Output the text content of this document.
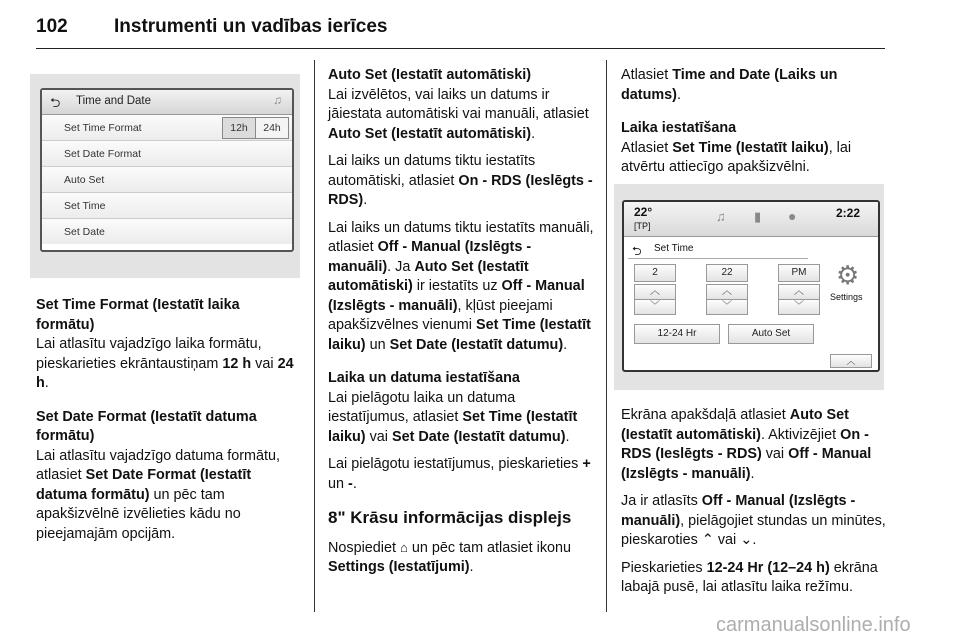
102 Instrumenti un vadības ierīces
⮌ Time and Date	♫
Set Time Format	12h	24h
Set Date Format
Auto Set
Set Time
Set Date

Set Time Format (Iestatīt laika formātu)

Lai atlasītu vajadzīgo laika formātu, pieskarieties ekrāntaustiņam 12 h vai 24 h.

Set Date Format (Iestatīt datuma formātu)

Lai atlasītu vajadzīgo datuma formātu, atlasiet Set Date Format (Iestatīt datuma formātu) un pēc tam apakšizvēlnē izvēlieties kādu no pieejamajām opcijām.

Auto Set (Iestatīt automātiski)

Lai izvēlētos, vai laiks un datums ir jāiestata automātiski vai manuāli, atlasiet Auto Set (Iestatīt automātiski).

Lai laiks un datums tiktu iestatīts automātiski, atlasiet On - RDS (Ieslēgts - RDS).

Lai laiks un datums tiktu iestatīts manuāli, atlasiet Off - Manual (Izslēgts - manuāli). Ja Auto Set (Iestatīt automātiski) ir iestatīts uz Off - Manual (Izslēgts - manuāli), kļūst pieejami apakšizvēlnes vienumi Set Time (Iestatīt laiku) un Set Date (Iestatīt datumu).

Laika un datuma iestatīšana

Lai pielāgotu laika un datuma iestatījumus, atlasiet Set Time (Iestatīt laiku) vai Set Date (Iestatīt datumu).

Lai pielāgotu iestatījumus, pieskarieties + un -.

8" Krāsu informācijas displejs

Nospiediet ⌂ un pēc tam atlasiet ikonu Settings (Iestatījumi).

Atlasiet Time and Date (Laiks un datums).

Laika iestatīšana

Atlasiet Set Time (Iestatīt laiku), lai atvērtu attiecīgo apakšizvēlni.

22°
[TP]
♫ ▮ ●	2:22
⮌ Set Time
2	22	PM
︿
﹀
︿
﹀
︿
﹀
12-24 Hr	Auto Set
⚙
Settings
︿

Ekrāna apakšdaļā atlasiet Auto Set (Iestatīt automātiski). Aktivizējiet On - RDS (Ieslēgts - RDS) vai Off - Manual (Izslēgts - manuāli).

Ja ir atlasīts Off - Manual (Izslēgts - manuāli), pielāgojiet stundas un minūtes, pieskaroties ⌃ vai ⌄.

Pieskarieties 12-24 Hr (12–24 h) ekrāna labajā pusē, lai atlasītu laika režīmu.

carmanualsonline.info
